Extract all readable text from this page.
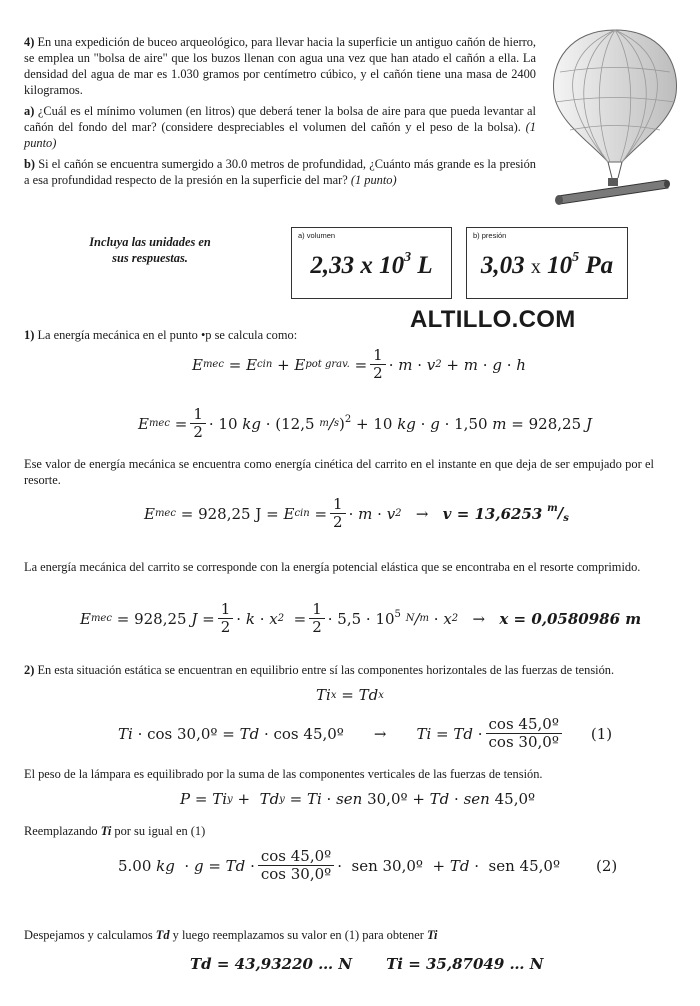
4) En una expedición de buceo arqueológico, para llevar hacia la superficie un antiguo cañón de hierro, se emplea un "bolsa de aire" que los buzos llenan con agua una vez que han atado el cañón a ella. La densidad del agua de mar es 1.030 gramos por centímetro cúbico, y el cañón tiene una masa de 2400 kilogramos.
a) ¿Cuál es el mínimo volumen (en litros) que deberá tener la bolsa de aire para que pueda levantar al cañón del fondo del mar? (considere despreciables el volumen del cañón y el peso de la bolsa). (1 punto)
b) Si el cañón se encuentra sumergido a 30.0 metros de profundidad, ¿Cuánto más grande es la presión a esa profundidad respecto de la presión en la superficie del mar? (1 punto)
Incluya las unidades en
sus respuestas.
a) volumen
2,33 x $10^3$ L
b) presión
3,03 x $10^5$ Pa
ALTILLO.COM
1) La energía mecánica en el punto •p se calcula como:
E mec
= E cin
+ E pot grav.
= $\frac{1}{2} \cdot m \cdot v$ 2
+ m · g · h
E mec
= $\frac{1}{2} \cdot 10$ kg · (12,5
m / s )$^2$ + 10 kg · g · 1,50 m = 928,25 J
Ese valor de energía mecánica se encuentra como energía cinética del carrito en el instante en que deja de ser empujado por el resorte.
E mec
= 928,25 J
= E cin
= $\frac{1}{2} \cdot m \cdot v$ 2
→
v = 13,6253
$^m/_s$
La energía mecánica del carrito se corresponde con la energía potencial elástica que se encontraba en el resorte comprimido.
E mec
= 928,25 $J = \frac{1}{2} \cdot k \cdot x$ 2
= $\frac{1}{2} \cdot 5,5 \cdot 10^5$
N / m
· x 2
→
x = 0,0580986 m
2) En esta situación estática se encuentran en equilibrio entre sí las componentes horizontales de las fuerzas de tensión.
Ti x
= Td x
Ti · cos 30,0º = Td · cos 45,0º → $Ti = Td \cdot \frac{\text{cos 45,0º}}{\text{cos 30,0º}} (1)$
El peso de la lámpara es equilibrado por la suma de las componentes verticales de las fuerzas de tensión.
P = Ti y + Td y
= Ti · sen 30,0º + Td · sen 45,0º
Reemplazando Ti por su igual en (1)
5.00 kg · $g = Td \cdot \frac{\text{cos 45,0º}}{\text{cos 30,0º}}$ ·  sen 30,0º  + Td ·  sen 45,0º (2)
Despejamos y calculamos Td y luego reemplazamos su valor en (1) para obtener Ti
Td = 43,93220 … N Ti = 35,87049 … N
